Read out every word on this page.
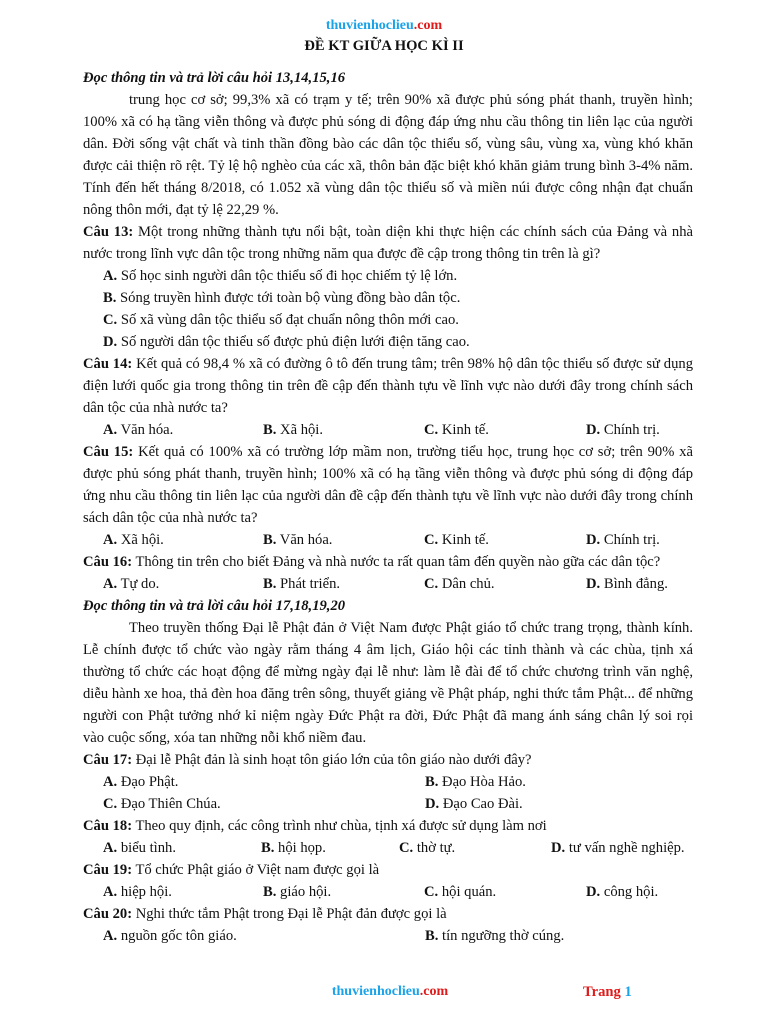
thuvienhoclieu.com
ĐỀ KT GIỮA HỌC KÌ II
Đọc thông tin và trả lời câu hỏi 13,14,15,16

trung học cơ sở; 99,3% xã có trạm y tế; trên 90% xã được phủ sóng phát thanh, truyền hình; 100% xã có hạ tầng viễn thông và được phủ sóng di động đáp ứng nhu cầu thông tin liên lạc của người dân. Đời sống vật chất và tinh thần đồng bào các dân tộc thiểu số, vùng sâu, vùng xa, vùng khó khăn được cải thiện rõ rệt. Tỷ lệ hộ nghèo của các xã, thôn bản đặc biệt khó khăn giảm trung bình 3-4% năm. Tính đến hết tháng 8/2018, có 1.052 xã vùng dân tộc thiểu số và miền núi được công nhận đạt chuẩn nông thôn mới, đạt tỷ lệ 22,29 %.

Câu 13: Một trong những thành tựu nổi bật, toàn diện khi thực hiện các chính sách của Đảng và nhà nước trong lĩnh vực dân tộc trong những năm qua được đề cập trong thông tin trên là gì?

A. Số học sinh người dân tộc thiểu số đi học chiếm tỷ lệ lớn.
B. Sóng truyền hình được tới toàn bộ vùng đồng bào dân tộc.
C. Số xã vùng dân tộc thiểu số đạt chuẩn nông thôn mới cao.
D. Số người dân tộc thiểu số được phủ điện lưới điện tăng cao.

Câu 14: Kết quả có 98,4 % xã có đường ô tô đến trung tâm; trên 98% hộ dân tộc thiểu số được sử dụng điện lưới quốc gia trong thông tin trên đề cập đến thành tựu về lĩnh vực nào dưới đây trong chính sách dân tộc của nhà nước ta?

A. Văn hóa.	B. Xã hội.	C. Kinh tế.	D. Chính trị.

Câu 15: Kết quả có 100% xã có trường lớp mầm non, trường tiểu học, trung học cơ sở; trên 90% xã được phủ sóng phát thanh, truyền hình; 100% xã có hạ tầng viễn thông và được phủ sóng di động đáp ứng nhu cầu thông tin liên lạc của người dân đề cập đến thành tựu về lĩnh vực nào dưới đây trong chính sách dân tộc của nhà nước ta?

A. Xã hội.	B. Văn hóa.	C. Kinh tế.	D. Chính trị.

Câu 16: Thông tin trên cho biết Đảng và nhà nước ta rất quan tâm đến quyền nào gữa các dân tộc?

A. Tự do.	B. Phát triển.	C. Dân chủ.	D. Bình đẳng.
Đọc thông tin và trả lời câu hỏi 17,18,19,20

Theo truyền thống Đại lễ Phật đản ở Việt Nam được Phật giáo tổ chức trang trọng, thành kính. Lễ chính được tổ chức vào ngày rằm tháng 4 âm lịch, Giáo hội các tỉnh thành và các chùa, tịnh xá thường tổ chức các hoạt động để mừng ngày đại lễ như: làm lễ đài để tổ chức chương trình văn nghệ, diễu hành xe hoa, thả đèn hoa đăng trên sông, thuyết giảng về Phật pháp, nghi thức tắm Phật... để những người con Phật tưởng nhớ kỉ niệm ngày Đức Phật ra đời, Đức Phật đã mang ánh sáng chân lý soi rọi vào cuộc sống, xóa tan những nỗi khổ niềm đau.

Câu 17: Đại lễ Phật đản là sinh hoạt tôn giáo lớn của tôn giáo nào dưới đây?

A. Đạo Phật.	B. Đạo Hòa Hảo.
C. Đạo Thiên Chúa.	D. Đạo Cao Đài.

Câu 18: Theo quy định, các công trình như chùa, tịnh xá được sử dụng làm nơi

A. biểu tình.	B. hội họp.	C. thờ tự.	D. tư vấn nghề nghiệp.

Câu 19: Tổ chức Phật giáo ở Việt nam được gọi là

A. hiệp hội.	B. giáo hội.	C. hội quán.	D. công hội.

Câu 20: Nghi thức tắm Phật trong Đại lễ Phật đản được gọi là

A. nguồn gốc tôn giáo.	B. tín ngưỡng thờ cúng.
thuvienhoclieu.com	Trang 1
